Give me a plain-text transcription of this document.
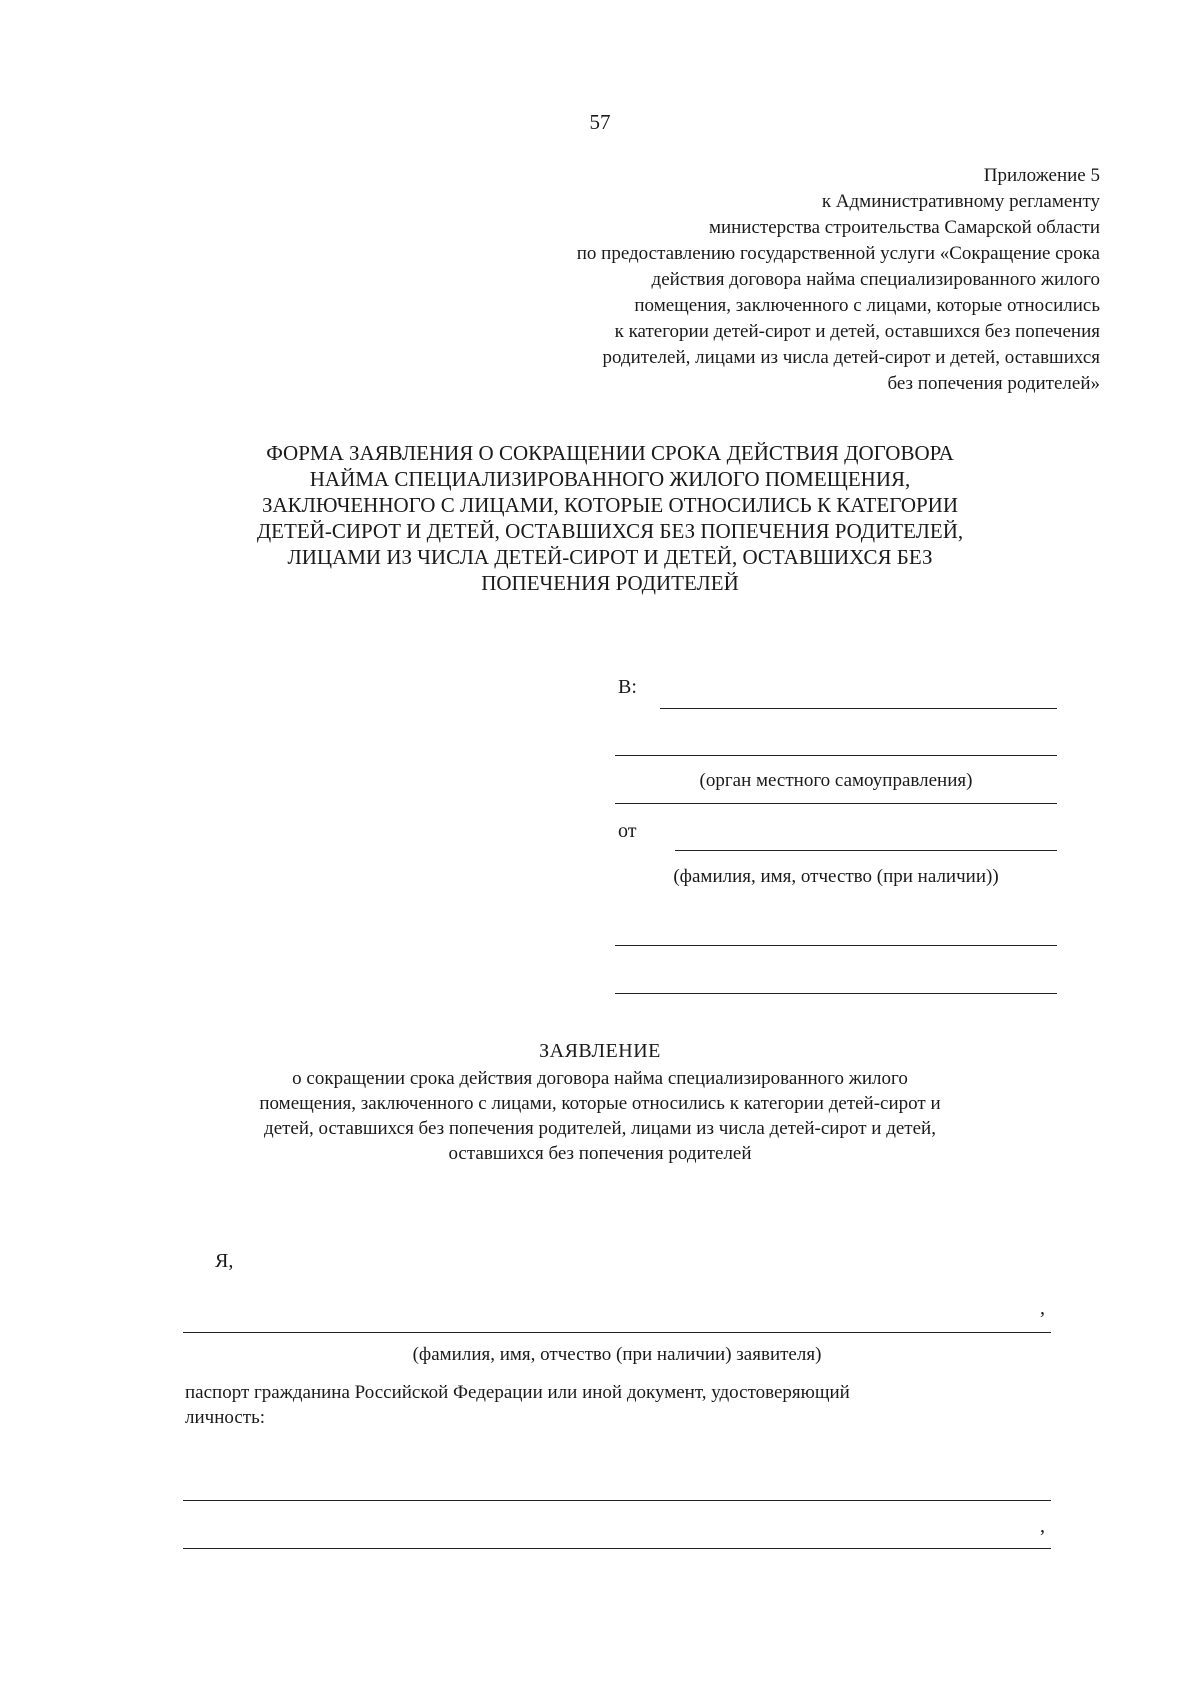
57
Приложение 5
к Административному регламенту
министерства строительства Самарской области
по предоставлению государственной услуги «Сокращение срока
действия договора найма специализированного жилого
помещения, заключенного с лицами, которые относились
к категории детей-сирот и детей, оставшихся без попечения
родителей, лицами из числа детей-сирот и детей, оставшихся
без попечения родителей»
ФОРМА ЗАЯВЛЕНИЯ О СОКРАЩЕНИИ СРОКА ДЕЙСТВИЯ ДОГОВОРА
НАЙМА СПЕЦИАЛИЗИРОВАННОГО ЖИЛОГО ПОМЕЩЕНИЯ,
ЗАКЛЮЧЕННОГО С ЛИЦАМИ, КОТОРЫЕ ОТНОСИЛИСЬ К КАТЕГОРИИ
ДЕТЕЙ-СИРОТ И ДЕТЕЙ, ОСТАВШИХСЯ БЕЗ ПОПЕЧЕНИЯ РОДИТЕЛЕЙ,
ЛИЦАМИ ИЗ ЧИСЛА ДЕТЕЙ-СИРОТ И ДЕТЕЙ, ОСТАВШИХСЯ БЕЗ
ПОПЕЧЕНИЯ РОДИТЕЛЕЙ
В:
(орган местного самоуправления)
от
(фамилия, имя, отчество (при наличии))
ЗАЯВЛЕНИЕ
о сокращении срока действия договора найма специализированного жилого
помещения, заключенного с лицами, которые относились к категории детей-сирот и
детей, оставшихся без попечения родителей, лицами из числа детей-сирот и детей,
оставшихся без попечения родителей
Я,
,
(фамилия, имя, отчество (при наличии) заявителя)
паспорт гражданина Российской Федерации или иной документ, удостоверяющий
личность:
,
